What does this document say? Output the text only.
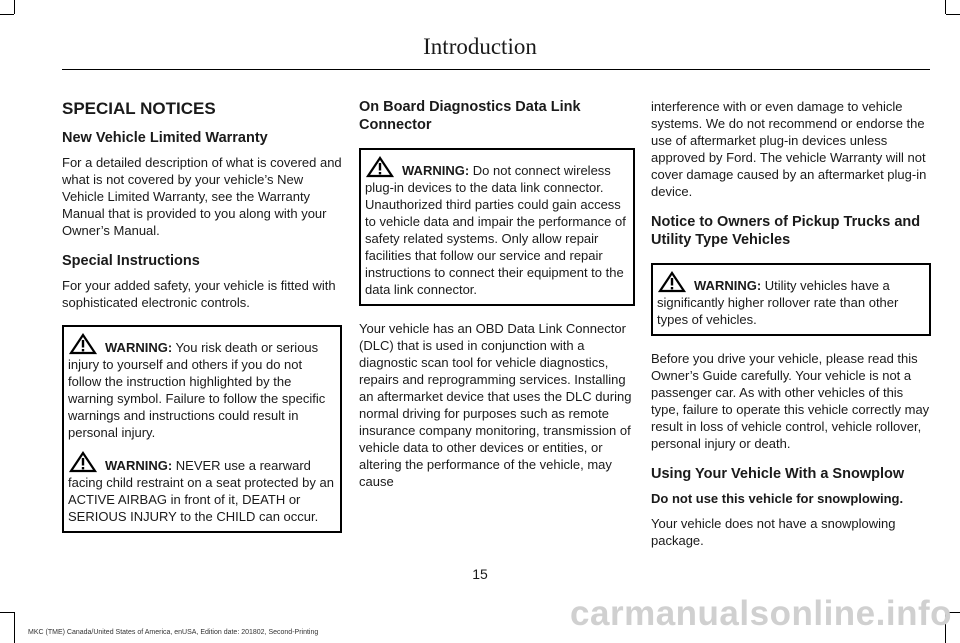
Introduction
SPECIAL NOTICES
New Vehicle Limited Warranty

For a detailed description of what is covered and what is not covered by your vehicle’s New Vehicle Limited Warranty, see the Warranty Manual that is provided to you along with your Owner’s Manual.

Special Instructions

For your added safety, your vehicle is fitted with sophisticated electronic controls.

WARNING: You risk death or serious injury to yourself and others if you do not follow the instruction highlighted by the warning symbol. Failure to follow the specific warnings and instructions could result in personal injury.

WARNING: NEVER use a rearward facing child restraint on a seat protected by an ACTIVE AIRBAG in front of it, DEATH or SERIOUS INJURY to the CHILD can occur.

On Board Diagnostics Data Link Connector

WARNING: Do not connect wireless plug-in devices to the data link connector. Unauthorized third parties could gain access to vehicle data and impair the performance of safety related systems. Only allow repair facilities that follow our service and repair instructions to connect their equipment to the data link connector.

Your vehicle has an OBD Data Link Connector (DLC) that is used in conjunction with a diagnostic scan tool for vehicle diagnostics, repairs and reprogramming services. Installing an aftermarket device that uses the DLC during normal driving for purposes such as remote insurance company monitoring, transmission of vehicle data to other devices or entities, or altering the performance of the vehicle, may cause

interference with or even damage to vehicle systems. We do not recommend or endorse the use of aftermarket plug-in devices unless approved by Ford. The vehicle Warranty will not cover damage caused by an aftermarket plug-in device.

Notice to Owners of Pickup Trucks and Utility Type Vehicles

WARNING: Utility vehicles have a significantly higher rollover rate than other types of vehicles.

Before you drive your vehicle, please read this Owner’s Guide carefully. Your vehicle is not a passenger car. As with other vehicles of this type, failure to operate this vehicle correctly may result in loss of vehicle control, vehicle rollover, personal injury or death.

Using Your Vehicle With a Snowplow
Do not use this vehicle for snowplowing.

Your vehicle does not have a snowplowing package.

15
MKC (TME) Canada/United States of America, enUSA, Edition date: 201802, Second-Printing	carmanualsonline.info
